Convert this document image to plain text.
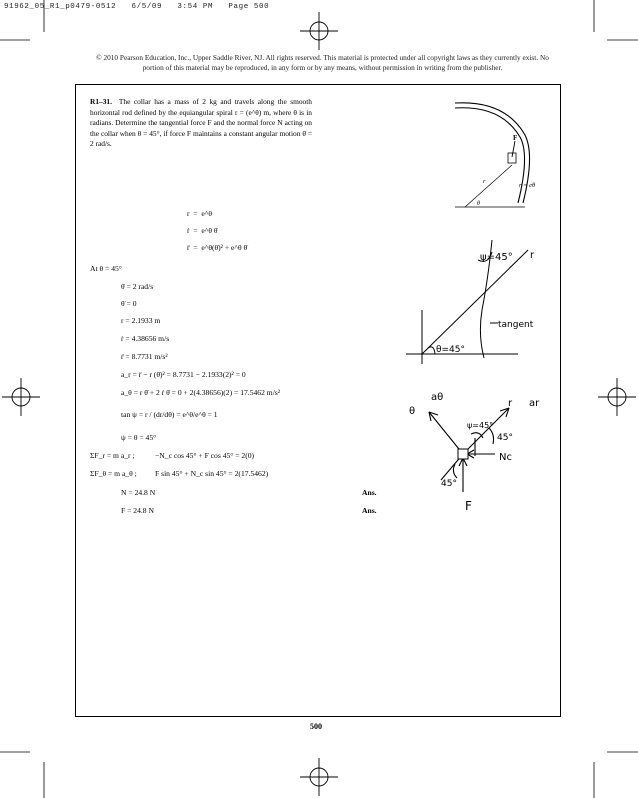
91962_05_R1_p0479-0512   6/5/09   3:54 PM   Page 500
© 2010 Pearson Education, Inc., Upper Saddle River, NJ. All rights reserved. This material is protected under all copyright laws as they currently exist. No portion of this material may be reproduced, in any form or by any means, without permission in writing from the publisher.
R1–31. The collar has a mass of 2 kg and travels along the smooth horizontal rod defined by the equiangular spiral r = (e^θ) m, where θ is in radians. Determine the tangential force F and the normal force N acting on the collar when θ = 45°, if force F maintains a constant angular motion θ̇ = 2 rad/s.
F
r
r = eθ
θ
r  =  e^θ
ṙ  =  e^θ θ̇
r̈  =  e^θ(θ̇)² + e^θ θ̈
At θ = 45°
θ̇ = 2 rad/s
θ̈ = 0
r = 2.1933 m
ṙ = 4.38656 m/s
r̈ = 8.7731 m/s²
a_r = r̈ − r (θ̇)² = 8.7731 − 2.1933(2)² = 0
a_θ = r θ̈ + 2 ṙ θ̇ = 0 + 2(4.38656)(2) = 17.5462 m/s²
tan ψ = r / (dr/dθ) = e^θ/e^θ = 1
ψ = θ = 45°
ΣF_r = m a_r ;	−N_c cos 45° + F cos 45° = 2(0)
ΣF_θ = m a_θ ; F sin 45° + N_c sin 45° = 2(17.5462)
N = 24.8 N	Ans.
F = 24.8 N	Ans.
ψ=45° r
tangent
θ=45°
θ
aθ
ψ=45°
r ar
45°
45°
Nc
F
500
